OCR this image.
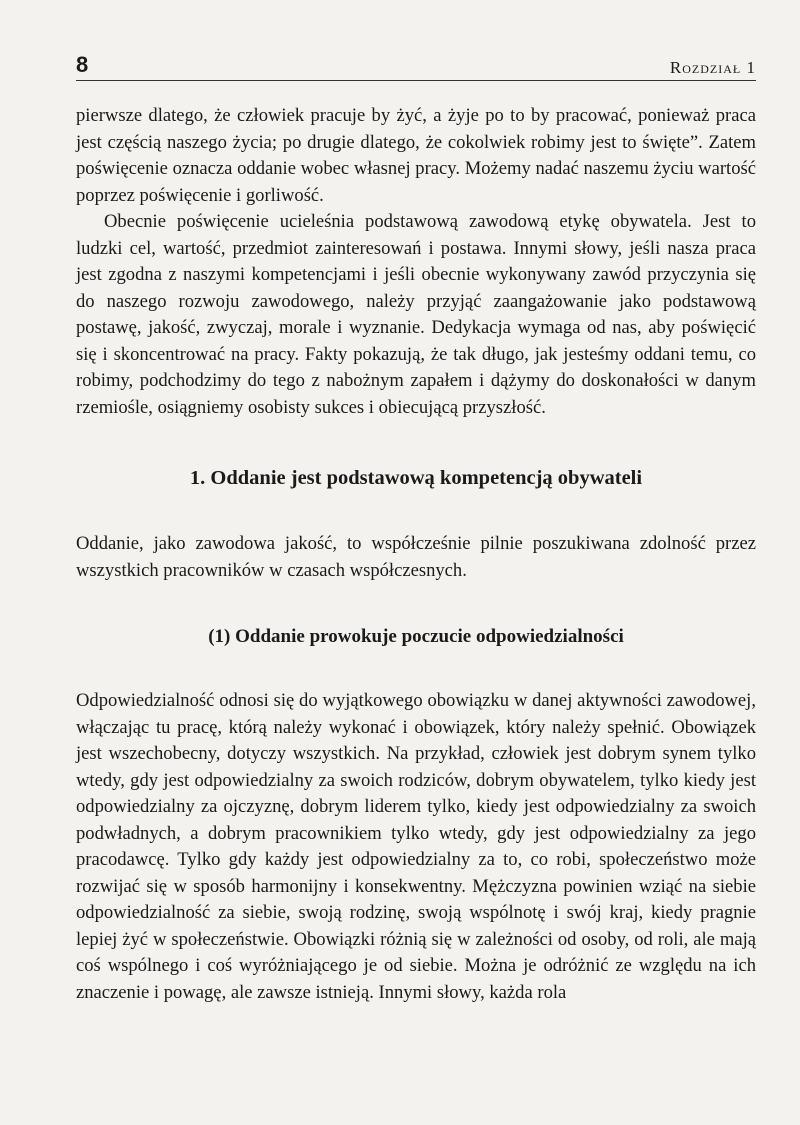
8	Rozdział 1

pierwsze dlatego, że człowiek pracuje by żyć, a żyje po to by pracować, ponieważ praca jest częścią naszego życia; po drugie dlatego, że cokolwiek robimy jest to święte”. Zatem poświęcenie oznacza oddanie wobec własnej pracy. Możemy nadać naszemu życiu wartość poprzez poświęcenie i gorliwość.

Obecnie poświęcenie ucieleśnia podstawową zawodową etykę obywatela. Jest to ludzki cel, wartość, przedmiot zainteresowań i postawa. Innymi słowy, jeśli nasza praca jest zgodna z naszymi kompetencjami i jeśli obecnie wykonywany zawód przyczynia się do naszego rozwoju zawodowego, należy przyjąć zaangażowanie jako podstawową postawę, jakość, zwyczaj, morale i wyznanie. Dedykacja wymaga od nas, aby poświęcić się i skoncentrować na pracy. Fakty pokazują, że tak długo, jak jesteśmy oddani temu, co robimy, podchodzimy do tego z nabożnym zapałem i dążymy do doskonałości w danym rzemiośle, osiągniemy osobisty sukces i obiecującą przyszłość.

1. Oddanie jest podstawową kompetencją obywateli

Oddanie, jako zawodowa jakość, to współcześnie pilnie poszukiwana zdolność przez wszystkich pracowników w czasach współczesnych.

(1) Oddanie prowokuje poczucie odpowiedzialności

Odpowiedzialność odnosi się do wyjątkowego obowiązku w danej aktywności zawodowej, włączając tu pracę, którą należy wykonać i obowiązek, który należy spełnić. Obowiązek jest wszechobecny, dotyczy wszystkich. Na przykład, człowiek jest dobrym synem tylko wtedy, gdy jest odpowiedzialny za swoich rodziców, dobrym obywatelem, tylko kiedy jest odpowiedzialny za ojczyznę, dobrym liderem tylko, kiedy jest odpowiedzialny za swoich podwładnych, a dobrym pracownikiem tylko wtedy, gdy jest odpowiedzialny za jego pracodawcę. Tylko gdy każdy jest odpowiedzialny za to, co robi, społeczeństwo może rozwijać się w sposób harmonijny i konsekwentny. Mężczyzna powinien wziąć na siebie odpowiedzialność za siebie, swoją rodzinę, swoją wspólnotę i swój kraj, kiedy pragnie lepiej żyć w społeczeństwie. Obowiązki różnią się w zależności od osoby, od roli, ale mają coś wspólnego i coś wyróżniającego je od siebie. Można je odróżnić ze względu na ich znaczenie i powagę, ale zawsze istnieją. Innymi słowy, każda rola
